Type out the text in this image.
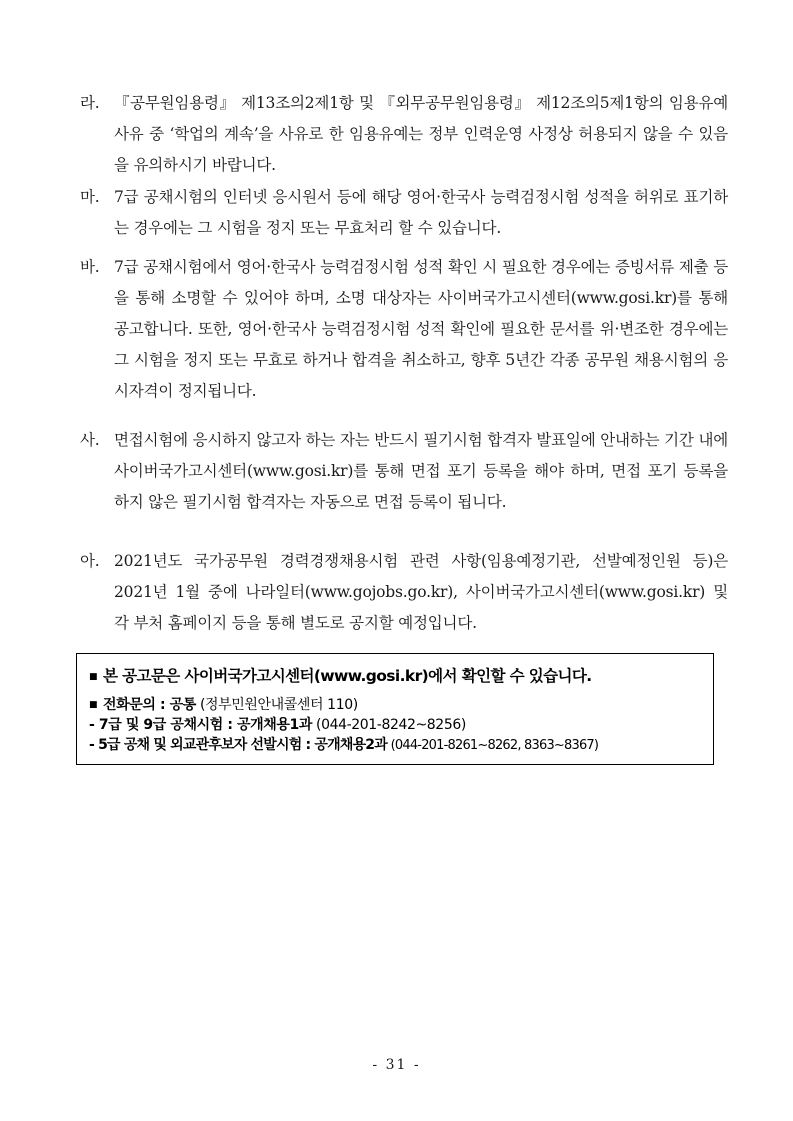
라. 『공무원임용령』 제13조의2제1항 및 『외무공무원임용령』 제12조의5제1항의 임용유예 사유 중 ‘학업의 계속’을 사유로 한 임용유예는 정부 인력운영 사정상 허용되지 않을 수 있음을 유의하시기 바랍니다.
마. 7급 공채시험의 인터넷 응시원서 등에 해당 영어·한국사 능력검정시험 성적을 허위로 표기하는 경우에는 그 시험을 정지 또는 무효처리 할 수 있습니다.
바. 7급 공채시험에서 영어·한국사 능력검정시험 성적 확인 시 필요한 경우에는 증빙서류 제출 등을 통해 소명할 수 있어야 하며, 소명 대상자는 사이버국가고시센터(www.gosi.kr)를 통해 공고합니다. 또한, 영어·한국사 능력검정시험 성적 확인에 필요한 문서를 위·변조한 경우에는 그 시험을 정지 또는 무효로 하거나 합격을 취소하고, 향후 5년간 각종 공무원 채용시험의 응시자격이 정지됩니다.
사. 면접시험에 응시하지 않고자 하는 자는 반드시 필기시험 합격자 발표일에 안내하는 기간 내에 사이버국가고시센터(www.gosi.kr)를 통해 면접 포기 등록을 해야 하며, 면접 포기 등록을 하지 않은 필기시험 합격자는 자동으로 면접 등록이 됩니다.
아. 2021년도 국가공무원 경력경쟁채용시험 관련 사항(임용예정기관, 선발예정인원 등)은 2021년 1월 중에 나라일터(www.gojobs.go.kr), 사이버국가고시센터(www.gosi.kr) 및 각 부처 홈페이지 등을 통해 별도로 공지할 예정입니다.
■ 본 공고문은 사이버국가고시센터(www.gosi.kr)에서 확인할 수 있습니다.
■ 전화문의 : 공통 (정부민원안내콜센터 110)
- 7급 및 9급 공채시험 : 공개채용1과 (044-201-8242~8256)
- 5급 공채 및 외교관후보자 선발시험 : 공개채용2과 (044-201-8261~8262, 8363~8367)
- 31 -
